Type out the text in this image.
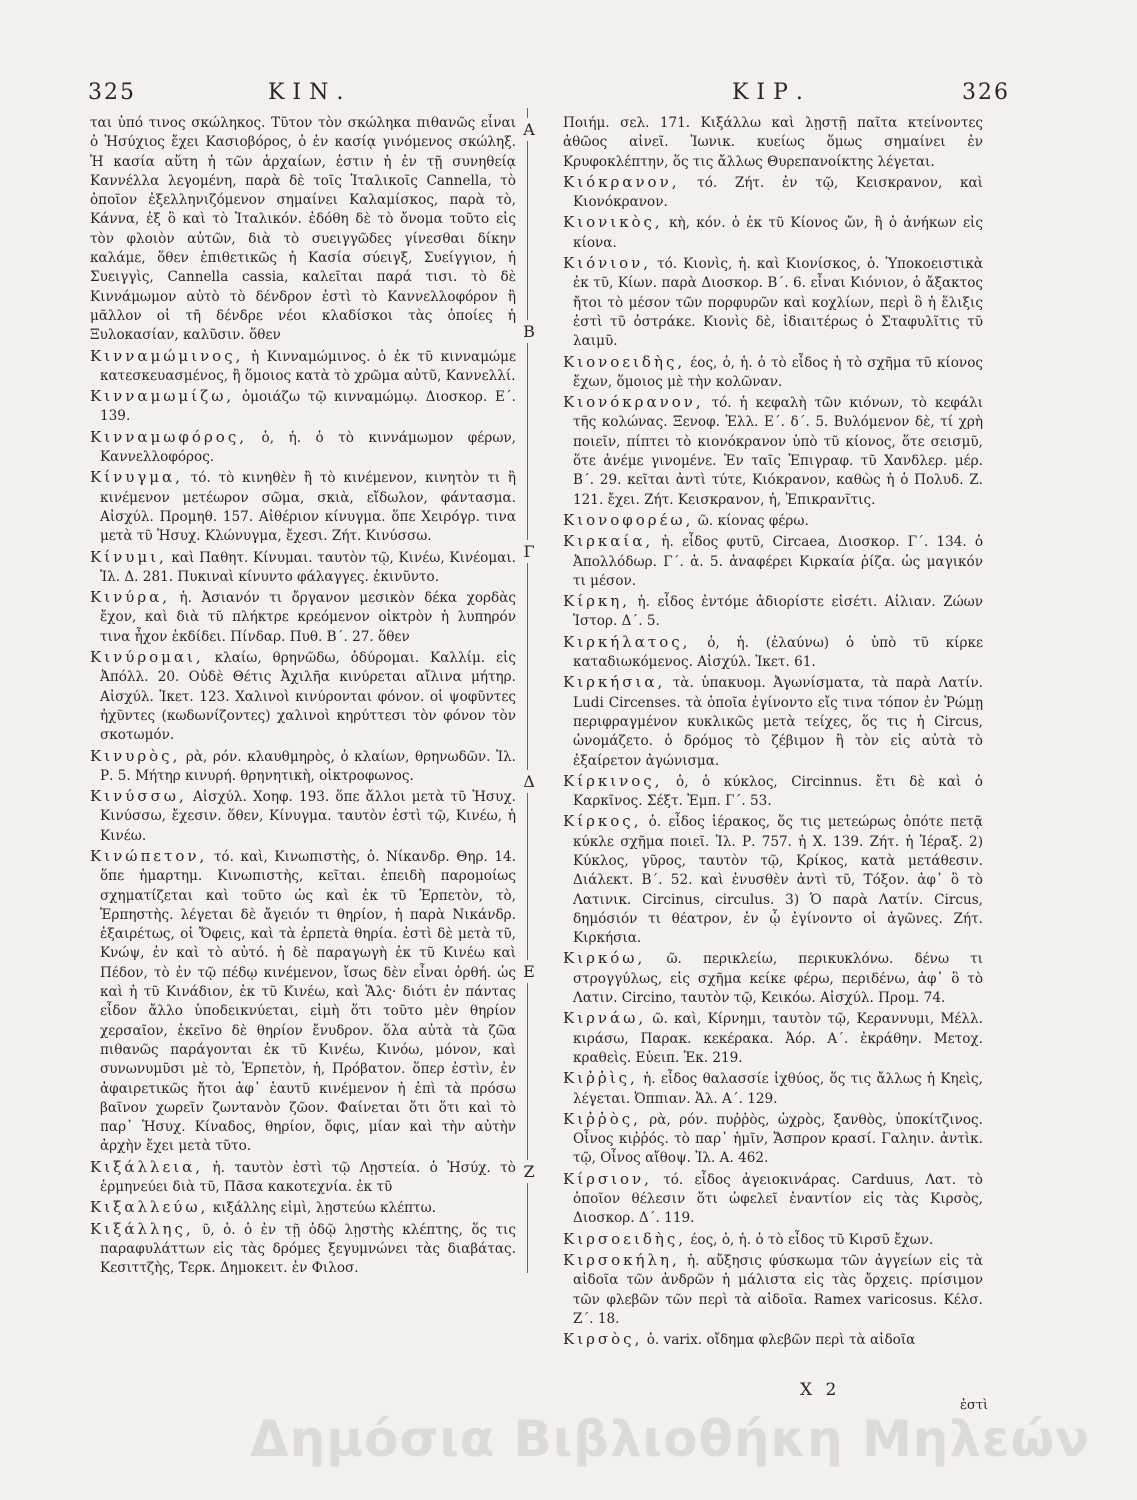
325	ΚΙΝ.	ΚΙΡ.	326

ται ὑπό τινος σκώληκος. Τῦτον τὸν σκώληκα πιθανῶς εἶναι ὁ Ἡσύχιος ἔχει Κασιοβόρος, ὁ ἐν κασίᾳ γινόμενος σκώληξ. Ἡ κασία αὕτη ἡ τῶν ἀρχαίων, ἐστιν ἡ ἐν τῇ συνηθείᾳ Καννέλλα λεγομένη, παρὰ δὲ τοῖς Ἰταλικοῖς Cannella, τὸ ὁποῖον ἐξελληνιζόμενον σημαίνει Καλαμίσκος, παρὰ τὸ, Κάννα, ἐξ ὃ καὶ τὸ Ἰταλικόν. ἐδόθη δὲ τὸ ὄνομα τοῦτο εἰς τὸν φλοιὸν αὐτῶν, διὰ τὸ συειγγῶδες γίνεσθαι δίκην καλάμε, ὅθεν ἐπιθετικῶς ἡ Κασία σύειγξ, Συείγγιον, ἡ Συειγγὶς, Cannella cassia, καλεῖται παρά τισι. τὸ δὲ Κιννάμωμον αὐτὸ τὸ δένδρον ἐστὶ τὸ Καννελλοφόρον ἢ μᾶλλον οἱ τῆ δένδρε νέοι κλαδίσκοι τὰς ὁποίες ἡ Ξυλοκασίαν, καλῦσιν. ὅθεν

Κινναμώμινος, ἡ Κινναμώμινος. ὁ ἐκ τῦ κινναμώμε κατεσκευασμένος, ἢ ὅμοιος κατὰ τὸ χρῶμα αὐτῦ, Καννελλί.

Κινναμωμίζω, ὁμοιάζω τῷ κινναμώμῳ. Διοσκορ. Ε΄. 139.

Κινναμωφόρος, ὁ, ἡ. ὁ τὸ κιννάμωμον φέρων, Καννελλοφόρος.

Κίνυγμα, τό. τὸ κινηθὲν ἢ τὸ κινέμενον, κινητὸν τι ἢ κινέμενον μετέωρον σῶμα, σκιὰ, εἴδωλον, φάντασμα. Αἰσχύλ. Προμηθ. 157. Αἰθέριον κίνυγμα. ὅπε Χειρόγρ. τινα μετὰ τῦ Ἡσυχ. Κλώνυγμα, ἔχεσι. Ζήτ. Κινύσσω.

Κίνυμι, καὶ Παθητ. Κίνυμαι. ταυτὸν τῷ, Κινέω, Κινέομαι. Ἰλ. Δ. 281. Πυκιναὶ κίνυντο φάλαγγες. ἐκινῦντο.

Κινύρα, ἡ. Ἀσιανόν τι ὄργανον μεσικὸν δέκα χορδὰς ἔχον, καὶ διὰ τῦ πλήκτρε κρεόμενον οἰκτρὸν ἡ λυπηρόν τινα ἦχον ἐκδίδει. Πίνδαρ. Πυθ. Β΄. 27. ὅθεν

Κινύρομαι, κλαίω, θρηνῶδω, ὀδύρομαι. Καλλίμ. εἰς Ἀπόλλ. 20. Οὐδὲ Θέτις Ἀχιλῆα κινύρεται αἴλινα μήτηρ. Αἰσχύλ. Ἱκετ. 123. Χαλινοὶ κινύρονται φόνον. οἱ ψοφῦντες ἠχῦντες (κωδωνίζοντες) χαλινοὶ κηρύττεσι τὸν φόνον τὸν σκοτωμόν.

Κινυρὸς, ρὰ, ρόν. κλαυθμηρὸς, ὁ κλαίων, θρηνωδῶν. Ἰλ. Ρ. 5. Μήτηρ κινυρή. θρηνητικὴ, οἰκτροφωνος.

Κινύσσω, Αἰσχύλ. Χοηφ. 193. ὅπε ἄλλοι μετὰ τῦ Ἡσυχ. Κινύσσω, ἔχεσιν. ὅθεν, Κίνυγμα. ταυτὸν ἐστὶ τῷ, Κινέω, ἡ Κινέω.

Κινώπετον, τό. καὶ, Κινωπιστὴς, ὁ. Νίκανδρ. Θηρ. 14. ὅπε ἡμαρτημ. Κινωπιστὴς, κεῖται. ἐπειδὴ παρομοίως σχηματίζεται καὶ τοῦτο ὡς καὶ ἐκ τῦ Ἑρπετὸν, τὸ, Ἑρπηστὴς. λέγεται δὲ ἄγειόν τι θηρίον, ἡ παρὰ Νικάνδρ. ἐξαιρέτως, οἱ Ὄφεις, καὶ τὰ ἑρπετὰ θηρία. ἐστὶ δὲ μετὰ τῦ, Κνώψ, ἐν καὶ τὸ αὐτό. ἡ δὲ παραγωγὴ ἐκ τῦ Κινέω καὶ Πέδον, τὸ ἐν τῷ πέδῳ κινέμενον, ἴσως δὲν εἶναι ὀρθή. ὡς καὶ ἡ τῦ Κινάδιον, ἐκ τῦ Κινέω, καὶ Ἅλς· διότι ἐν πάντας εἶδον ἄλλο ὑποδεικνύεται, εἰμὴ ὅτι τοῦτο μὲν θηρίον χερσαῖον, ἐκεῖνο δὲ θηρίον ἔνυδρον. ὅλα αὐτὰ τὰ ζῶα πιθανῶς παράγονται ἐκ τῦ Κινέω, Κινόω, μόνον, καὶ συνωνυμῦσι μὲ τὸ, Ἑρπετὸν, ἡ, Πρόβατον. ὅπερ ἐστὶν, ἐν ἀφαιρετικῶς ἤτοι ἀφ᾽ ἑαυτῦ κινέμενον ἡ ἐπὶ τὰ πρόσω βαῖνον χωρεῖν ζωντανὸν ζῶον. Φαίνεται ὅτι ὅτι καὶ τὸ παρ᾽ Ἡσυχ. Κίναδος, θηρίον, ὄφις, μίαν καὶ τὴν αὐτὴν ἀρχὴν ἔχει μετὰ τῦτο.

Κιξάλλεια, ἡ. ταυτὸν ἐστὶ τῷ Λῃστεία. ὁ Ἡσύχ. τὸ ἑρμηνεύει διὰ τῦ, Πᾶσα κακοτεχνία. ἐκ τῦ

Κιξαλλεύω, κιξάλλης εἰμὶ, λῃστεύω κλέπτω.

Κιξάλλης, ῦ, ὁ. ὁ ἐν τῇ ὁδῷ λῃστὴς κλέπτης, ὅς τις παραφυλάττων εἰς τὰς δρόμες ξεγυμνώνει τὰς διαβάτας. Κεσιττζὴς, Τερκ. Δημοκειτ. ἐν Φιλοσ.

Α
Β
Γ
Δ
Ε
Ζ

Ποιήμ. σελ. 171. Κιξάλλω καὶ λῃστῇ παῖτα κτείνοντες ἀθῶος αἰνεῖ. Ἰωνικ. κυείως ὅμως σημαίνει ἐν Κρυφοκλέπτην, ὅς τις ἄλλως Θυρεπανοίκτης λέγεται.

Κιόκρανον, τό. Ζήτ. ἐν τῷ, Κεισκρανον, καὶ Κιονόκρανον.

Κιονικὸς, κὴ, κόν. ὁ ἐκ τῦ Κίονος ὤν, ἢ ὁ ἀνήκων εἰς κίονα.

Κιόνιον, τό. Κιονὶς, ἡ. καὶ Κιονίσκος, ὁ. Ὑποκοειστικὰ ἐκ τῦ, Κίων. παρὰ Διοσκορ. Β΄. 6. εἶναι Κιόνιον, ὁ ἄξακτος ἤτοι τὸ μέσον τῶν πορφυρῶν καὶ κοχλίων, περὶ ὃ ἡ ἕλιξις ἐστὶ τῦ ὀστράκε. Κιονὶς δὲ, ἰδιαιτέρως ὁ Σταφυλῖτις τῦ λαιμῦ.

Κιονοειδὴς, έος, ὁ, ἡ. ὁ τὸ εἶδος ἡ τὸ σχῆμα τῦ κίονος ἔχων, ὅμοιος μὲ τὴν κολῶναν.

Κιονόκρανον, τό. ἡ κεφαλὴ τῶν κιόνων, τὸ κεφάλι τῆς κολώνας. Ξενοφ. Ἑλλ. Ε΄. δ΄. 5. Βυλόμενον δὲ, τί χρὴ ποιεῖν, πίπτει τὸ κιονόκρανον ὑπὸ τῦ κίονος, ὅτε σεισμῦ, ὅτε ἀνέμε γινομένε. Ἐν ταῖς Ἐπιγραφ. τῦ Χανδλερ. μέρ. Β΄. 29. κεῖται ἀντὶ τύτε, Κιόκρανον, καθὼς ἡ ὁ Πολυδ. Ζ. 121. ἔχει. Ζήτ. Κεισκρανον, ἡ, Ἐπικρανῖτις.

Κιονοφορέω, ῶ. κίονας φέρω.

Κιρκαία, ἡ. εἶδος φυτῦ, Circaea, Διοσκορ. Γ΄. 134. ὁ Ἀπολλόδωρ. Γ΄. ἀ. 5. ἀναφέρει Κιρκαία ῥίζα. ὡς μαγικόν τι μέσον.

Κίρκη, ἡ. εἶδος ἐντόμε ἀδιορίστε εἰσέτι. Αἰλιαν. Ζώων Ἱστορ. Δ΄. 5.

Κιρκήλατος, ὁ, ἡ. (ἐλαύνω) ὁ ὑπὸ τῦ κίρκε καταδιωκόμενος. Αἰσχύλ. Ἱκετ. 61.

Κιρκήσια, τὰ. ὑπακυομ. Ἀγωνίσματα, τὰ παρὰ Λατίν. Ludi Circenses. τὰ ὁποῖα ἐγίνοντο εἴς τινα τόπον ἐν Ῥώμῃ περιφραγμένον κυκλικῶς μετὰ τείχες, ὅς τις ἡ Circus, ὠνομάζετο. ὁ δρόμος τὸ ζέβιμον ἢ τὸν εἰς αὐτὰ τὸ ἐξαίρετον ἀγώνισμα.

Κίρκινος, ὁ, ὁ κύκλος, Circinnus. ἔτι δὲ καὶ ὁ Καρκῖνος. Σέξτ. Ἐμπ. Γ΄. 53.

Κίρκος, ὁ. εἶδος ἱέρακος, ὅς τις μετεώρως ὁπότε πετᾷ κύκλε σχῆμα ποιεῖ. Ἰλ. Ρ. 757. ἡ Χ. 139. Ζήτ. ἡ Ἱέραξ. 2) Κύκλος, γῦρος, ταυτὸν τῷ, Κρίκος, κατὰ μετάθεσιν. Διάλεκτ. Β΄. 52. καὶ ἐνυσθὲν ἀντὶ τῦ, Τόξον. ἀφ᾽ ὃ τὸ Λατινικ. Circinus, circulus. 3) Ὁ παρὰ Λατίν. Circus, δημόσιόν τι θέατρον, ἐν ᾧ ἐγίνοντο οἱ ἀγῶνες. Ζήτ. Κιρκήσια.

Κιρκόω, ῶ. περικλείω, περικυκλόνω. δένω τι στρογγύλως, εἰς σχῆμα κείκε φέρω, περιδένω, ἀφ᾽ ὃ τὸ Λατιν. Circino, ταυτὸν τῷ, Κεικόω. Αἰσχύλ. Προμ. 74.

Κιρνάω, ῶ. καὶ, Κίρνημι, ταυτὸν τῷ, Κεραννυμι, Μέλλ. κιράσω, Παρακ. κεκέρακα. Ἀόρ. Α΄. ἐκράθην. Μετοχ. κραθεὶς. Εὐειπ. Ἐκ. 219.

Κιῤῥὶς, ἡ. εἶδος θαλασσίε ἰχθύος, ὅς τις ἄλλως ἡ Κηεὶς, λέγεται. Ὀππιαν. Ἁλ. Α΄. 129.

Κιῤῥὸς, ρὰ, ρόν. πυῤῥὸς, ὠχρὸς, ξανθὸς, ὑποκίτζινος. Οἶνος κιῤῥός. τὸ παρ᾽ ἡμῖν, Ἄσπρον κρασί. Γαληιν. ἀντὶκ. τῷ, Οἶνος αἴθοψ. Ἰλ. Α. 462.

Κίρσιον, τό. εἶδος ἀγειοκινάρας. Carduus, Λατ. τὸ ὁποῖον θέλεσιν ὅτι ὠφελεῖ ἐναντίον εἰς τὰς Κιρσὸς, Διοσκορ. Δ΄. 119.

Κιρσοειδὴς, έος, ὁ, ἡ. ὁ τὸ εἶδος τῦ Κιρσῦ ἔχων.

Κιρσοκήλη, ἡ. αὔξησις φύσκωμα τῶν ἀγγείων εἰς τὰ αἰδοῖα τῶν ἀνδρῶν ἡ μάλιστα εἰς τὰς ὄρχεις. πρίσιμον τῶν φλεβῶν τῶν περὶ τὰ αἰδοῖα. Ramex varicosus. Κέλσ. Ζ΄. 18.

Κιρσὸς, ὁ. varix. οἴδημα φλεβῶν περὶ τὰ αἰδοῖα

X 2
ἐστὶ
Δημόσια Βιβλιοθήκη Μηλεών
